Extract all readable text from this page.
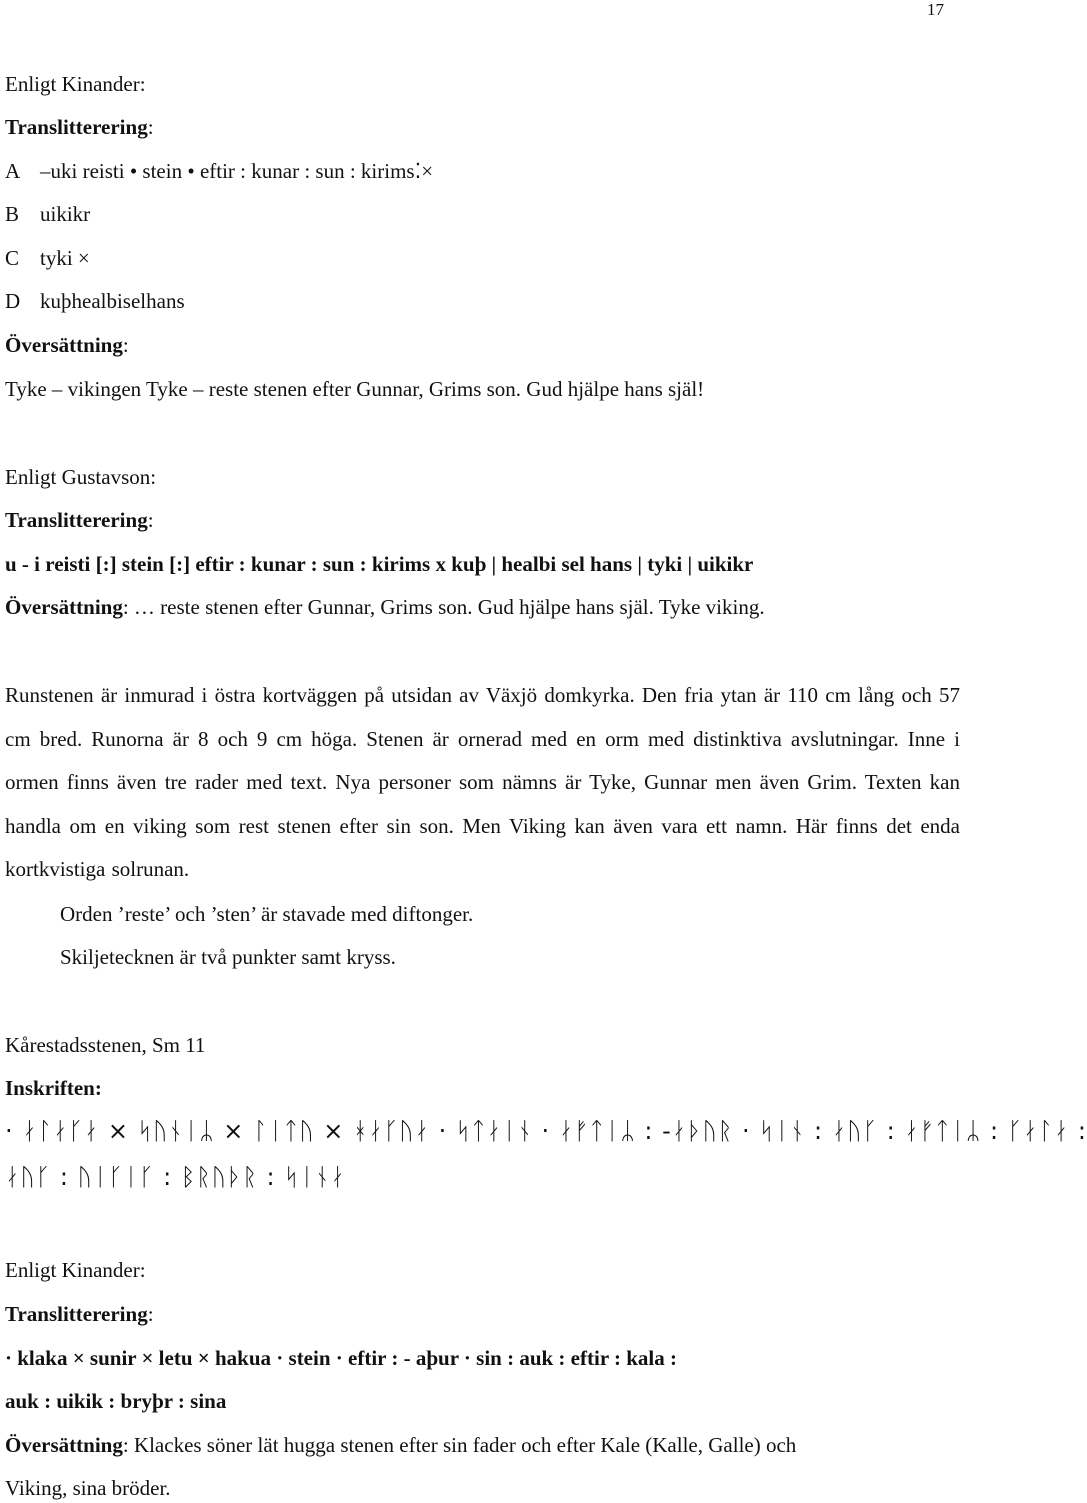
17
Enligt Kinander:
Translitterering:
A –uki reisti • stein • eftir : kunar : sun : kirims⁚×
B uikikr
C tyki ×
D kuþhealbiselhans
Översättning:
Tyke – vikingen Tyke – reste stenen efter Gunnar, Grims son. Gud hjälpe hans själ!
Enligt Gustavson:
Translitterering:
u - i reisti [:] stein [:] eftir : kunar : sun : kirims x kuþ | healbi sel hans | tyki | uikikr
Översättning: … reste stenen efter Gunnar, Grims son. Gud hjälpe hans själ. Tyke viking.
Runstenen är inmurad i östra kortväggen på utsidan av Växjö domkyrka. Den fria ytan är 110 cm lång och 57 cm bred. Runorna är 8 och 9 cm höga. Stenen är ornerad med en orm med distinktiva avslutningar. Inne i ormen finns även tre rader med text. Nya personer som nämns är Tyke, Gunnar men även Grim. Texten kan handla om en viking som rest stenen efter sin son. Men Viking kan även vara ett namn. Här finns det enda kortkvistiga solrunan.
Orden ’reste’ och ’sten’ är stavade med diftonger.
Skiljetecknen är två punkter samt kryss.
Kårestadsstenen, Sm 11
Inskriften:
· ᛅᛚᛅᚴᛅ × ᛋᚢᚾᛁᛦ × ᛚᛁᛏᚢ × ᚼᛅᚴᚢᛅ · ᛋᛏᛅᛁᚾ · ᛅᚠᛏᛁᛦ : -ᛅᚦᚢᚱ · ᛋᛁᚾ : ᛅᚢᚴ : ᛅᚠᛏᛁᛦ : ᚴᛅᛚᛅ :
ᛅᚢᚴ : ᚢᛁᚴᛁᚴ : ᛒᚱᚢᚦᚱ : ᛋᛁᚾᛅ
Enligt Kinander:
Translitterering:
· klaka × sunir × letu × hakua · stein · eftir : - aþur · sin : auk : eftir : kala :
auk : uikik : bryþr : sina
Översättning: Klackes söner lät hugga stenen efter sin fader och efter Kale (Kalle, Galle) och
Viking, sina bröder.
